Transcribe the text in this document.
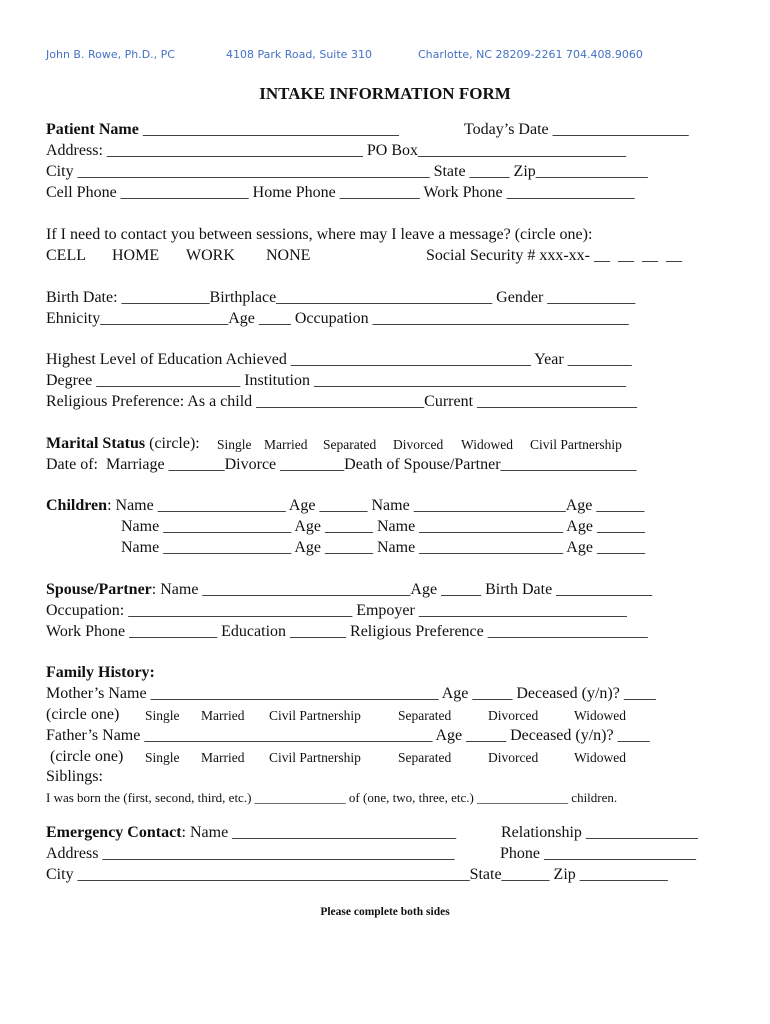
John B. Rowe, Ph.D., PC	4108 Park Road, Suite 310	Charlotte, NC 28209-2261 704.408.9060
INTAKE INFORMATION FORM
Patient Name ________________________________	Today’s Date _________________
Address: ________________________________ PO Box__________________________
City ____________________________________________ State _____ Zip______________
Cell Phone ________________ Home Phone __________ Work Phone ________________
If I need to contact you between sessions, where may I leave a message? (circle one):
CELL HOME WORK NONE	Social Security # xxx-xx- __  __  __  __
Birth Date: ___________Birthplace___________________________ Gender ___________
Ehnicity________________Age ____ Occupation ________________________________
Highest Level of Education Achieved ______________________________ Year ________
Degree __________________ Institution _______________________________________
Religious Preference: As a child _____________________Current ____________________
Marital Status (circle): Single Married Separated Divorced Widowed Civil Partnership
Date of:  Marriage _______Divorce ________Death of Spouse/Partner_________________
Children: Name ________________ Age ______ Name ___________________Age ______
Name ________________ Age ______ Name __________________ Age ______
Name ________________ Age ______ Name __________________ Age ______
Spouse/Partner: Name __________________________Age _____ Birth Date ____________
Occupation: ____________________________ Empoyer __________________________
Work Phone ___________ Education _______ Religious Preference ____________________
Family History:
Mother’s Name ____________________________________ Age _____ Deceased (y/n)? ____
(circle one) Single Married Civil Partnership	Separated	Divorced	Widowed
Father’s Name ____________________________________ Age _____ Deceased (y/n)? ____
(circle one) Single Married Civil Partnership	Separated	Divorced	Widowed
Siblings:
I was born the (first, second, third, etc.) ______________ of (one, two, three, etc.) ______________ children.
Emergency Contact: Name ____________________________	Relationship ______________
Address ____________________________________________	Phone ___________________
City _________________________________________________State______ Zip ___________
Please complete both sides
